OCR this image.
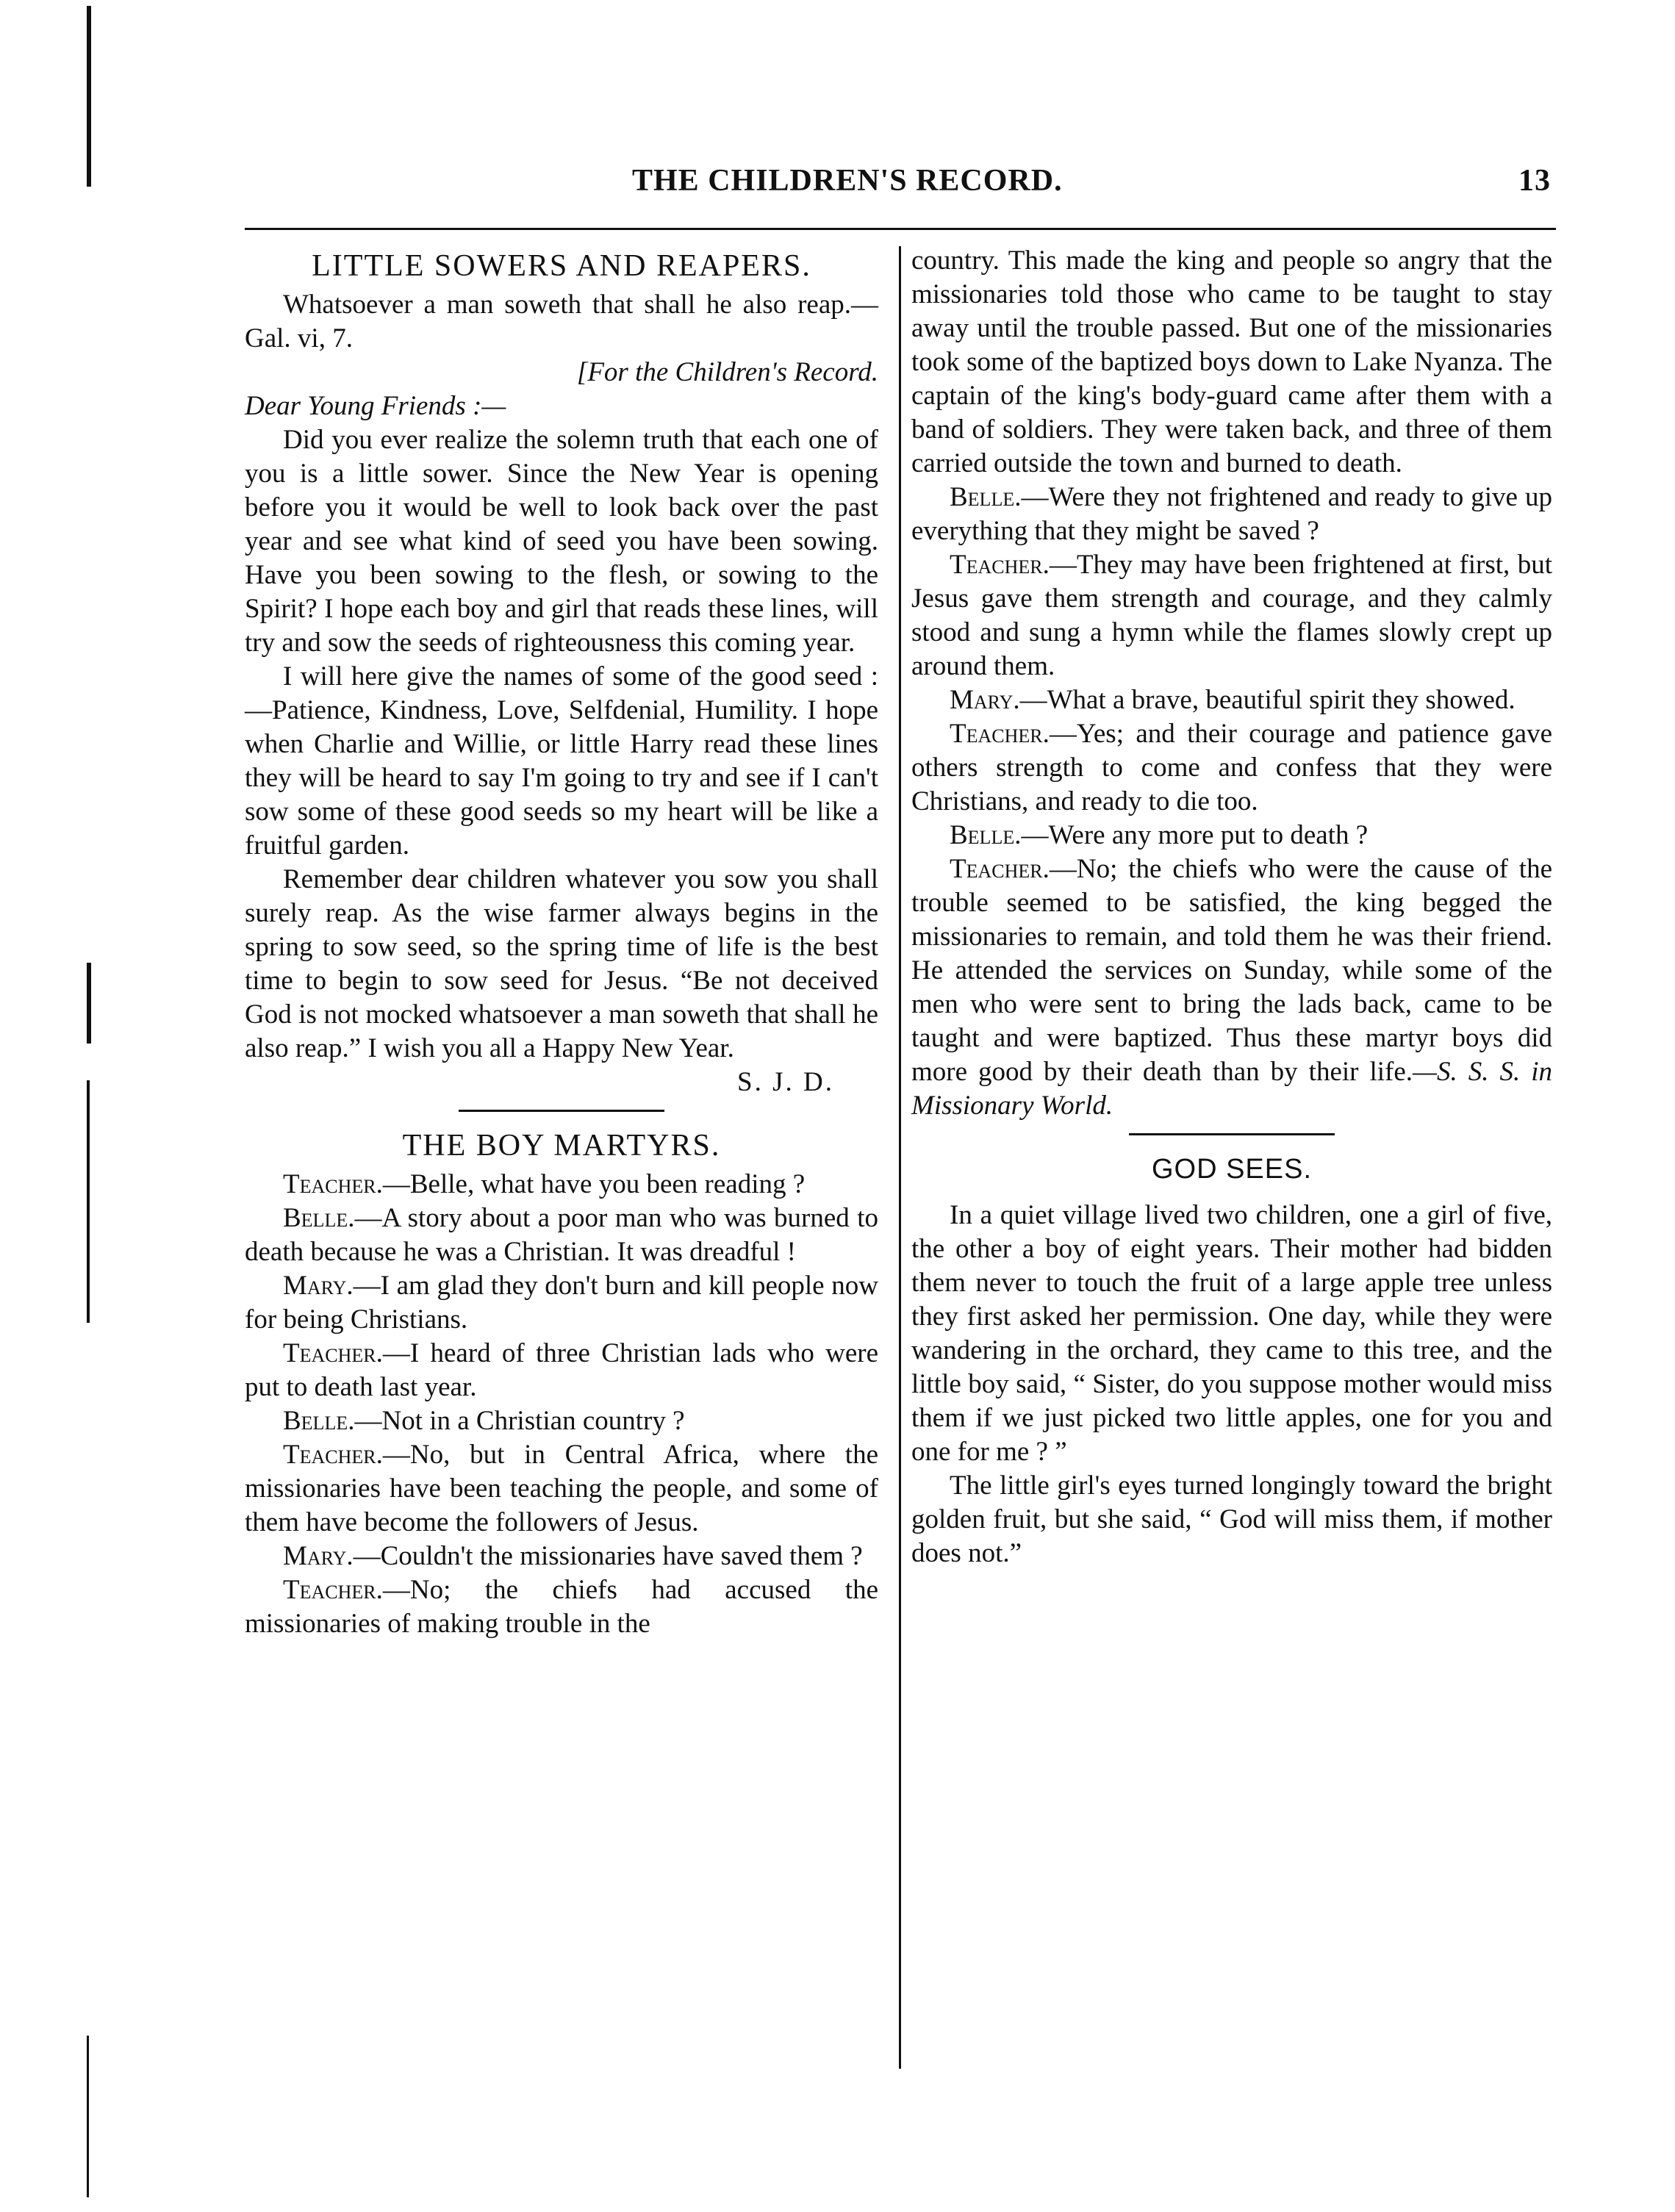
THE CHILDREN'S RECORD.	13
LITTLE SOWERS AND REAPERS.

Whatsoever a man soweth that shall he also reap.—Gal. vi, 7.

[For the Children's Record.
Dear Young Friends :—

Did you ever realize the solemn truth that each one of you is a little sower. Since the New Year is opening before you it would be well to look back over the past year and see what kind of seed you have been sowing. Have you been sowing to the flesh, or sowing to the Spirit? I hope each boy and girl that reads these lines, will try and sow the seeds of righteousness this coming year.

I will here give the names of some of the good seed :—Patience, Kindness, Love, Selfdenial, Humility. I hope when Charlie and Willie, or little Harry read these lines they will be heard to say I'm going to try and see if I can't sow some of these good seeds so my heart will be like a fruitful garden.

Remember dear children whatever you sow you shall surely reap. As the wise farmer always begins in the spring to sow seed, so the spring time of life is the best time to begin to sow seed for Jesus. “Be not deceived God is not mocked whatsoever a man soweth that shall he also reap.” I wish you all a Happy New Year.

S. J. D.
THE BOY MARTYRS.

Teacher.—Belle, what have you been reading ?

Belle.—A story about a poor man who was burned to death because he was a Christian. It was dreadful !

Mary.—I am glad they don't burn and kill people now for being Christians.

Teacher.—I heard of three Christian lads who were put to death last year.

Belle.—Not in a Christian country ?

Teacher.—No, but in Central Africa, where the missionaries have been teaching the people, and some of them have become the followers of Jesus.

Mary.—Couldn't the missionaries have saved them ?

Teacher.—No; the chiefs had accused the missionaries of making trouble in the

country. This made the king and people so angry that the missionaries told those who came to be taught to stay away until the trouble passed. But one of the missionaries took some of the baptized boys down to Lake Nyanza. The captain of the king's body-guard came after them with a band of soldiers. They were taken back, and three of them carried outside the town and burned to death.

Belle.—Were they not frightened and ready to give up everything that they might be saved ?

Teacher.—They may have been frightened at first, but Jesus gave them strength and courage, and they calmly stood and sung a hymn while the flames slowly crept up around them.

Mary.—What a brave, beautiful spirit they showed.

Teacher.—Yes; and their courage and patience gave others strength to come and confess that they were Christians, and ready to die too.

Belle.—Were any more put to death ?

Teacher.—No; the chiefs who were the cause of the trouble seemed to be satisfied, the king begged the missionaries to remain, and told them he was their friend. He attended the services on Sunday, while some of the men who were sent to bring the lads back, came to be taught and were baptized. Thus these martyr boys did more good by their death than by their life.—S. S. S. in Missionary World.

GOD SEES.

In a quiet village lived two children, one a girl of five, the other a boy of eight years. Their mother had bidden them never to touch the fruit of a large apple tree unless they first asked her permission. One day, while they were wandering in the orchard, they came to this tree, and the little boy said, “ Sister, do you suppose mother would miss them if we just picked two little apples, one for you and one for me ? ”

The little girl's eyes turned longingly toward the bright golden fruit, but she said, “ God will miss them, if mother does not.”
